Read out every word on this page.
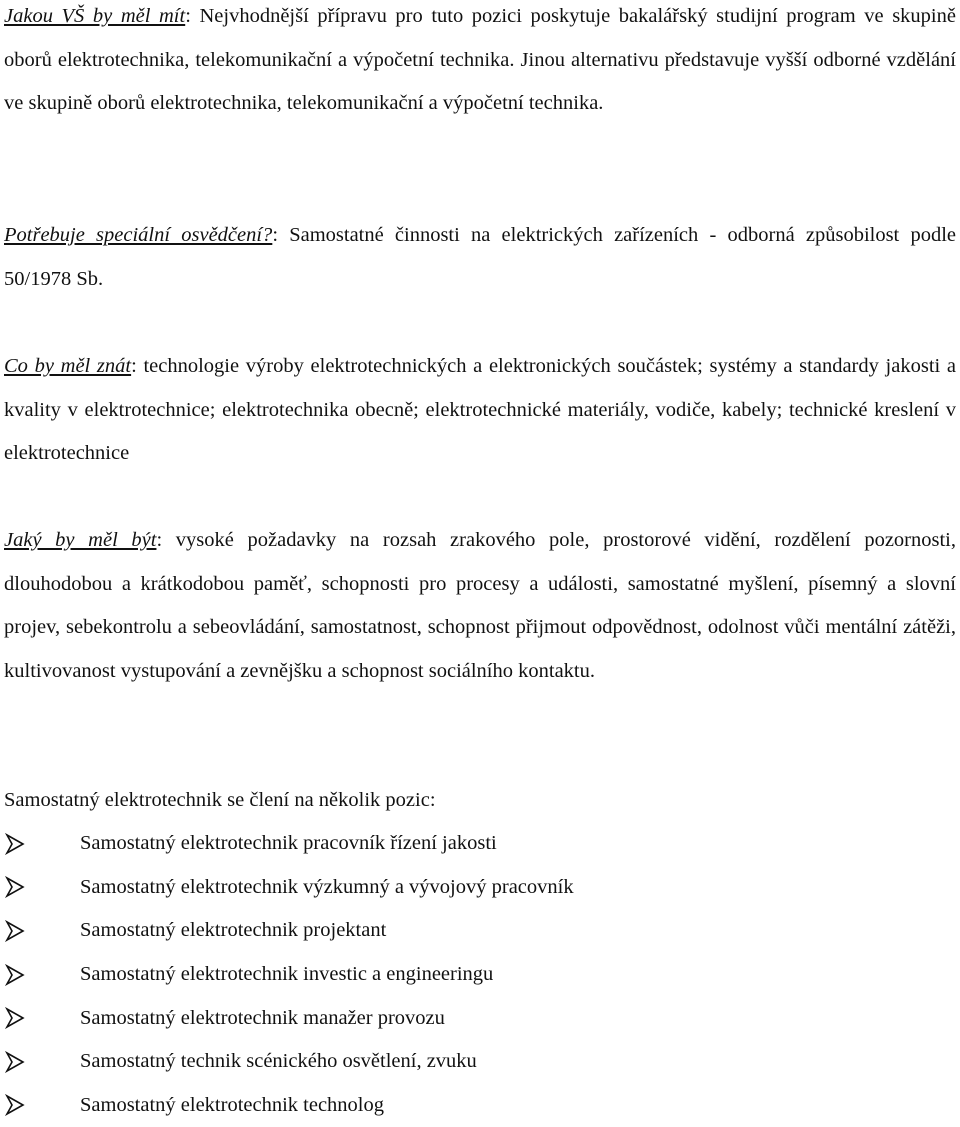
Jakou VŠ by měl mít: Nejvhodnější přípravu pro tuto pozici poskytuje bakalářský studijní program ve skupině oborů elektrotechnika, telekomunikační a výpočetní technika. Jinou alternativu představuje vyšší odborné vzdělání ve skupině oborů elektrotechnika, telekomunikační a výpočetní technika.

Potřebuje speciální osvědčení?: Samostatné činnosti na elektrických zařízeních - odborná způsobilost podle 50/1978 Sb.

Co by měl znát: technologie výroby elektrotechnických a elektronických součástek; systémy a standardy jakosti a kvality v elektrotechnice; elektrotechnika obecně; elektrotechnické materiály, vodiče, kabely; technické kreslení v elektrotechnice

Jaký by měl být: vysoké požadavky na rozsah zrakového pole, prostorové vidění, rozdělení pozornosti, dlouhodobou a krátkodobou paměť, schopnosti pro procesy a události, samostatné myšlení, písemný a slovní projev, sebekontrolu a sebeovládání, samostatnost, schopnost přijmout odpovědnost, odolnost vůči mentální zátěži, kultivovanost vystupování a zevnějšku a schopnost sociálního kontaktu.

Samostatný elektrotechnik se člení na několik pozic:

Samostatný elektrotechnik pracovník řízení jakosti
Samostatný elektrotechnik výzkumný a vývojový pracovník
Samostatný elektrotechnik projektant
Samostatný elektrotechnik investic a engineeringu
Samostatný elektrotechnik manažer provozu
Samostatný technik scénického osvětlení, zvuku
Samostatný elektrotechnik technolog
